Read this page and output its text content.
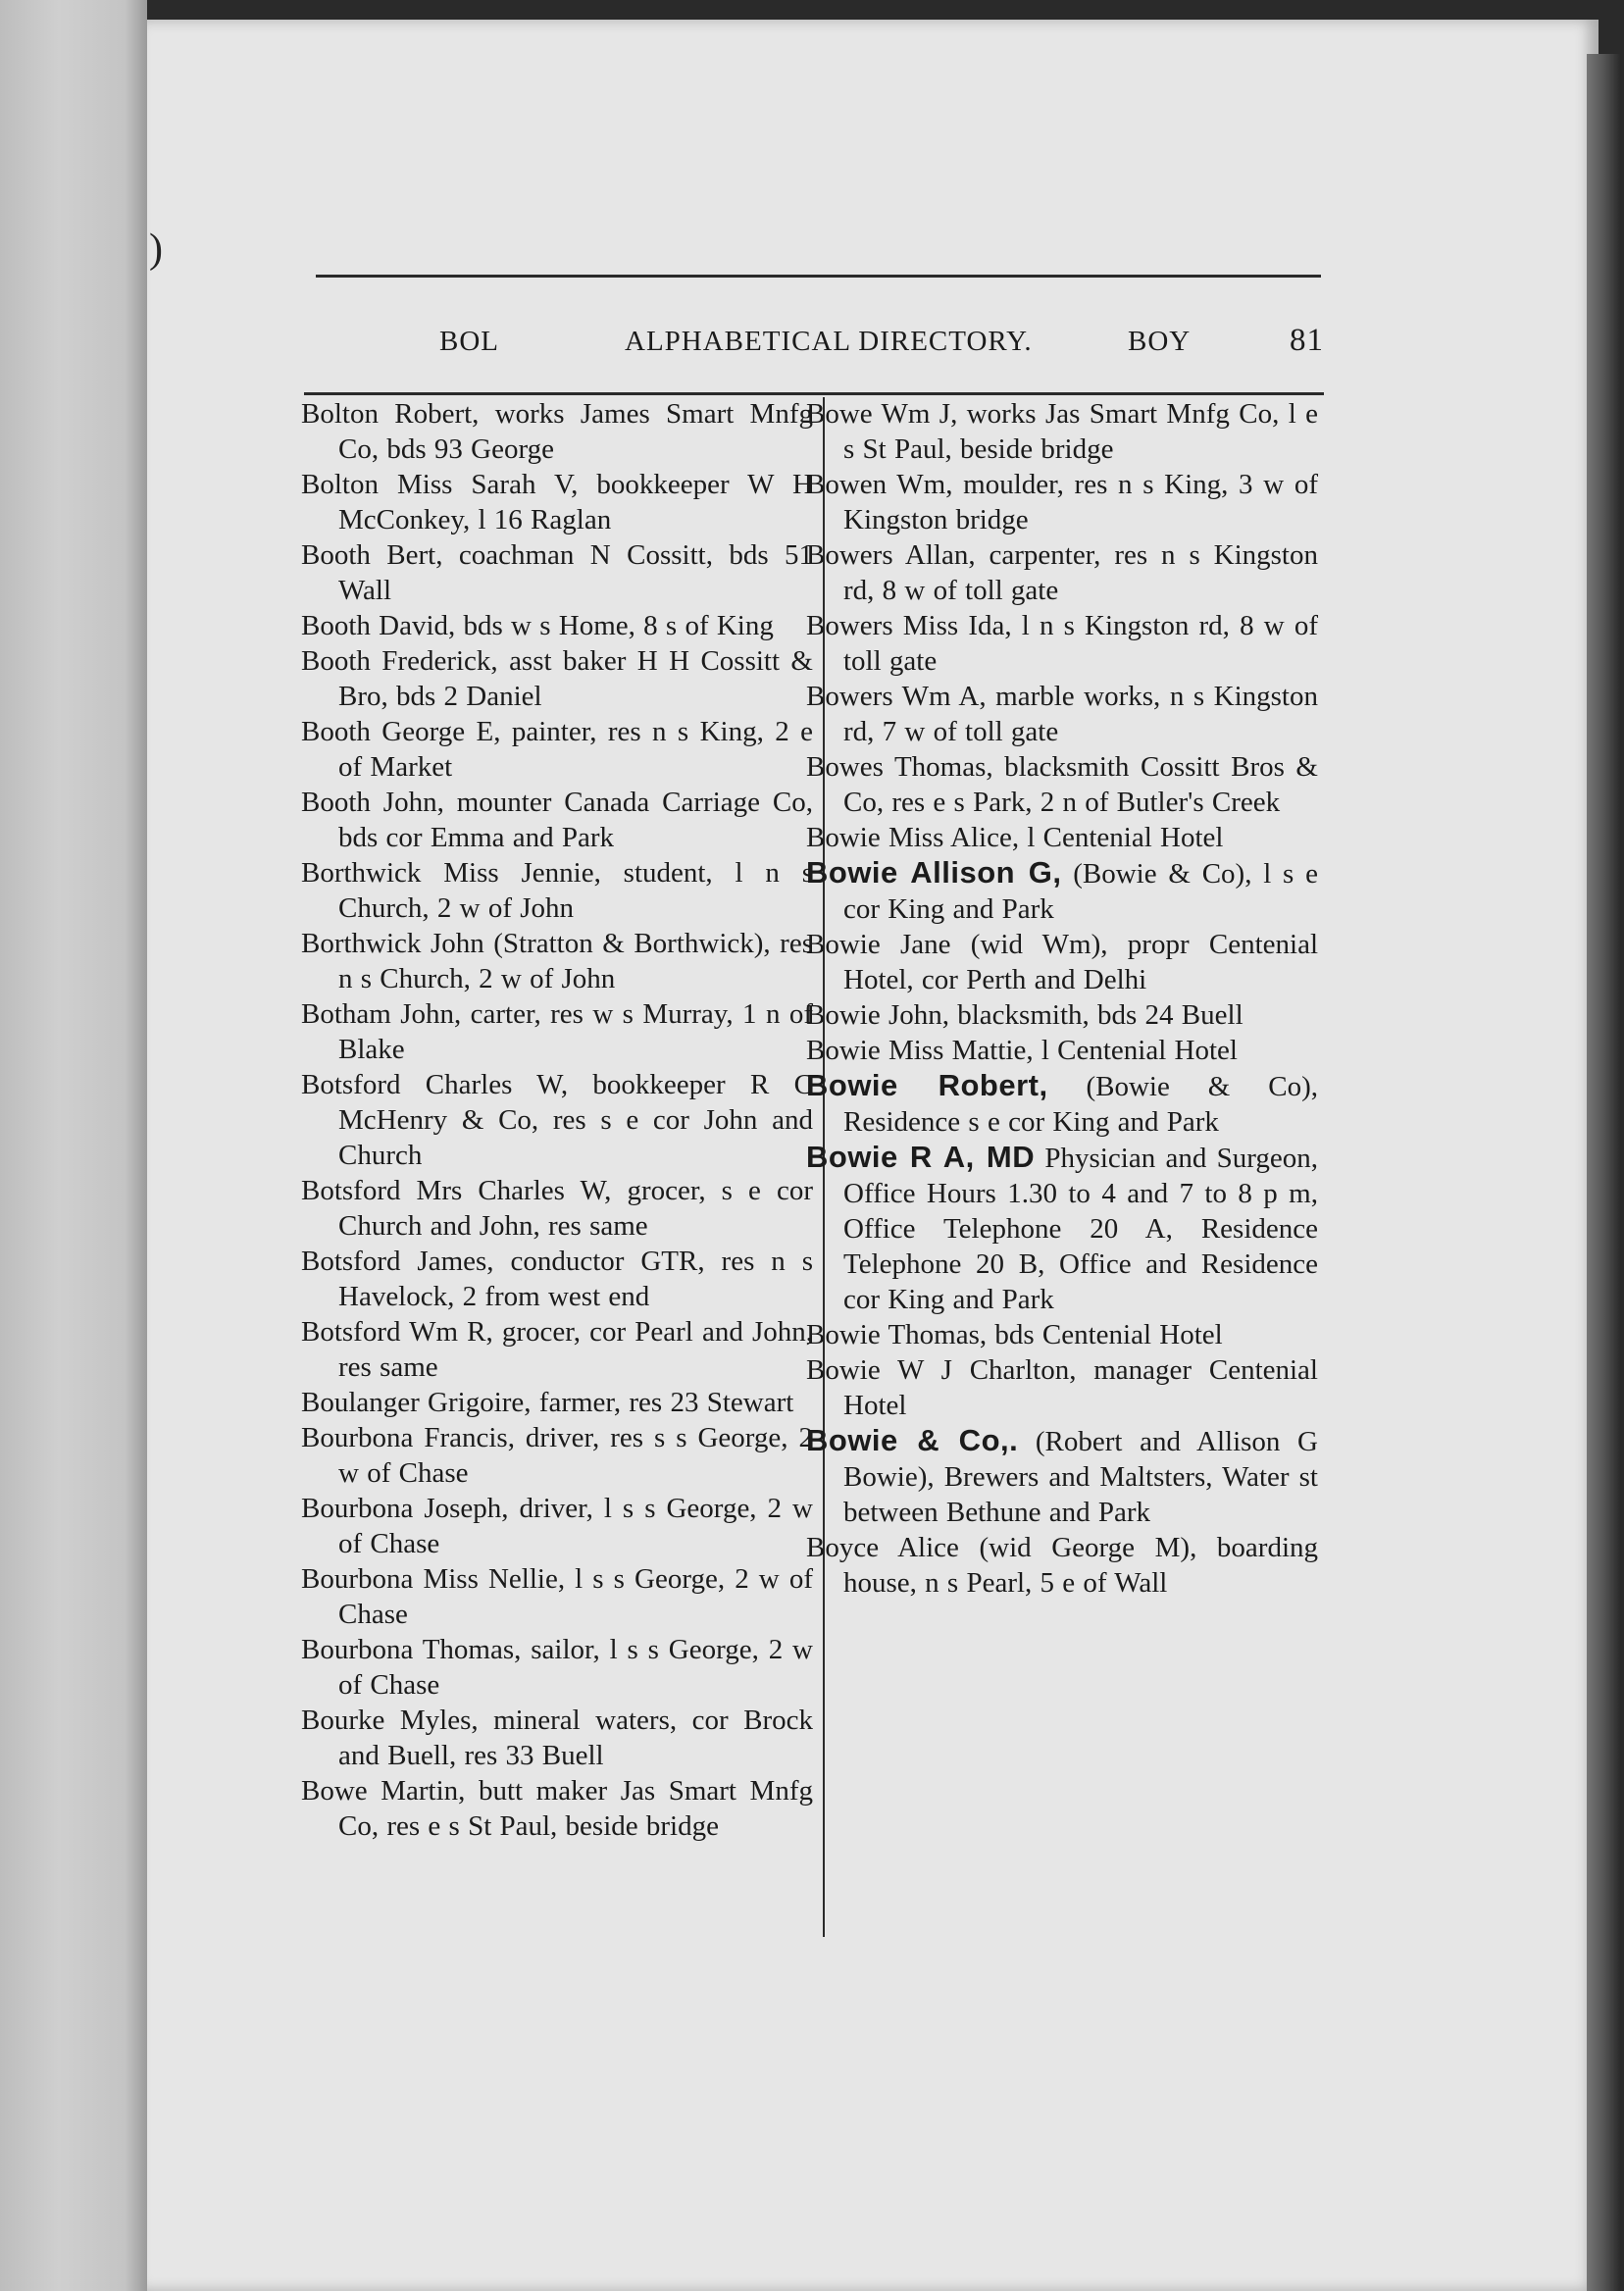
)
BOL	ALPHABETICAL DIRECTORY.	BOY	81
Bolton Robert, works James Smart Mnfg Co, bds 93 George
Bolton Miss Sarah V, bookkeeper W H McConkey, l 16 Raglan
Booth Bert, coachman N Cossitt, bds 51 Wall
Booth David, bds w s Home, 8 s of King
Booth Frederick, asst baker H H Cossitt & Bro, bds 2 Daniel
Booth George E, painter, res n s King, 2 e of Market
Booth John, mounter Canada Carriage Co, bds cor Emma and Park
Borthwick Miss Jennie, student, l n s Church, 2 w of John
Borthwick John (Stratton & Borthwick), res n s Church, 2 w of John
Botham John, carter, res w s Murray, 1 n of Blake
Botsford Charles W, bookkeeper R C McHenry & Co, res s e cor John and Church
Botsford Mrs Charles W, grocer, s e cor Church and John, res same
Botsford James, conductor GTR, res n s Havelock, 2 from west end
Botsford Wm R, grocer, cor Pearl and John, res same
Boulanger Grigoire, farmer, res 23 Stewart
Bourbona Francis, driver, res s s George, 2 w of Chase
Bourbona Joseph, driver, l s s George, 2 w of Chase
Bourbona Miss Nellie, l s s George, 2 w of Chase
Bourbona Thomas, sailor, l s s George, 2 w of Chase
Bourke Myles, mineral waters, cor Brock and Buell, res 33 Buell
Bowe Martin, butt maker Jas Smart Mnfg Co, res e s St Paul, beside bridge
Bowe Wm J, works Jas Smart Mnfg Co, l e s St Paul, beside bridge
Bowen Wm, moulder, res n s King, 3 w of Kingston bridge
Bowers Allan, carpenter, res n s Kingston rd, 8 w of toll gate
Bowers Miss Ida, l n s Kingston rd, 8 w of toll gate
Bowers Wm A, marble works, n s Kingston rd, 7 w of toll gate
Bowes Thomas, blacksmith Cossitt Bros & Co, res e s Park, 2 n of Butler's Creek
Bowie Miss Alice, l Centenial Hotel
Bowie Allison G, (Bowie & Co), l s e cor King and Park
Bowie Jane (wid Wm), propr Centenial Hotel, cor Perth and Delhi
Bowie John, blacksmith, bds 24 Buell
Bowie Miss Mattie, l Centenial Hotel
Bowie Robert, (Bowie & Co), Residence s e cor King and Park
Bowie R A, MD Physician and Surgeon, Office Hours 1.30 to 4 and 7 to 8 p m, Office Telephone 20 A, Residence Telephone 20 B, Office and Residence cor King and Park
Bowie Thomas, bds Centenial Hotel
Bowie W J Charlton, manager Centenial Hotel
Bowie & Co,. (Robert and Allison G Bowie), Brewers and Maltsters, Water st between Bethune and Park
Boyce Alice (wid George M), boarding house, n s Pearl, 5 e of Wall
